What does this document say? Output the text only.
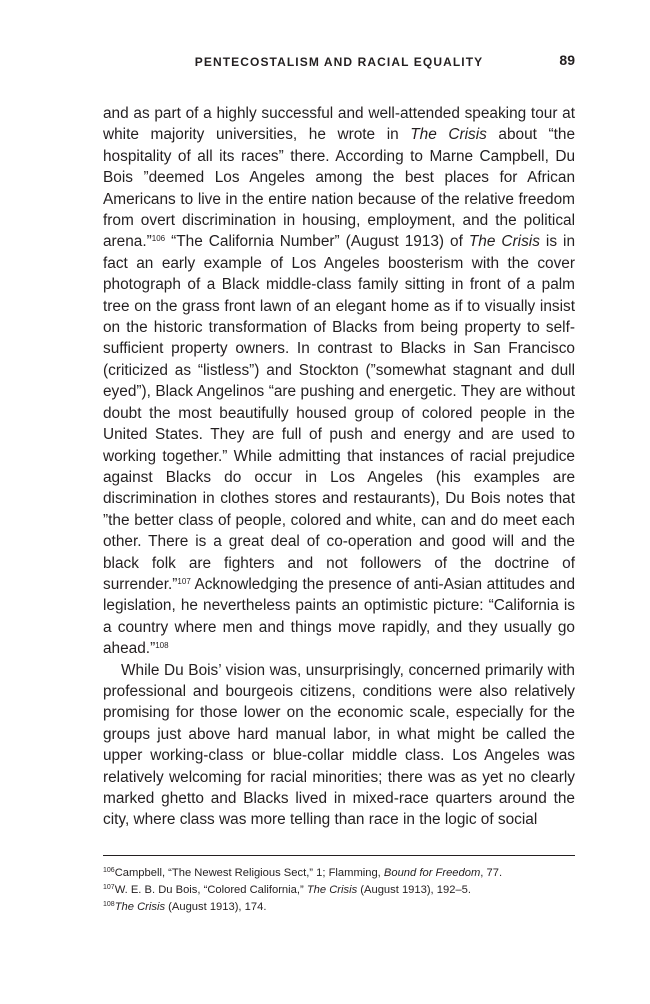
PENTECOSTALISM AND RACIAL EQUALITY	89

and as part of a highly successful and well-attended speaking tour at white majority universities, he wrote in The Crisis about “the hospitality of all its races” there. According to Marne Campbell, Du Bois ”deemed Los Angeles among the best places for African Americans to live in the entire nation because of the relative freedom from overt discrimination in housing, employment, and the political arena.”$^{106}$ “The California Number” (August 1913) of The Crisis is in fact an early example of Los Angeles boosterism with the cover photograph of a Black middle-class family sitting in front of a palm tree on the grass front lawn of an elegant home as if to visually insist on the historic transformation of Blacks from being property to self-sufficient property owners. In contrast to Blacks in San Francisco (criticized as “listless”) and Stockton (”somewhat stagnant and dull eyed”), Black Angelinos “are pushing and energetic. They are without doubt the most beautifully housed group of colored people in the United States. They are full of push and energy and are used to working together.” While admitting that instances of racial prejudice against Blacks do occur in Los Angeles (his examples are discrimination in clothes stores and restaurants), Du Bois notes that ”the better class of people, colored and white, can and do meet each other. There is a great deal of co-operation and good will and the black folk are fighters and not followers of the doctrine of surrender.”$^{107}$ Acknowledging the presence of anti-Asian attitudes and legislation, he nevertheless paints an optimistic picture: “California is a country where men and things move rapidly, and they usually go ahead.”$^{108}$

While Du Bois’ vision was, unsurprisingly, concerned primarily with professional and bourgeois citizens, conditions were also relatively promising for those lower on the economic scale, especially for the groups just above hard manual labor, in what might be called the upper working-class or blue-collar middle class. Los Angeles was relatively welcoming for racial minorities; there was as yet no clearly marked ghetto and Blacks lived in mixed-race quarters around the city, where class was more telling than race in the logic of social

$^{106}$Campbell, “The Newest Religious Sect,” 1; Flamming, Bound for Freedom, 77.

$^{107}$W. E. B. Du Bois, “Colored California,” The Crisis (August 1913), 192–5.

$^{108}$The Crisis (August 1913), 174.
